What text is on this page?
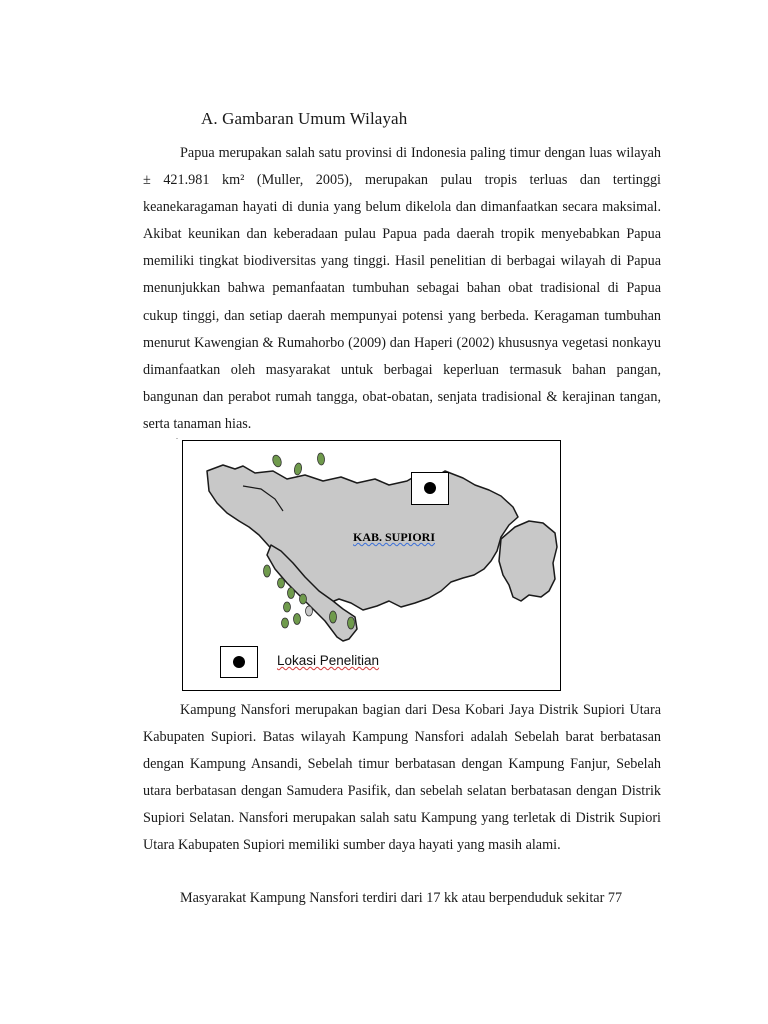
A. Gambaran Umum Wilayah

Papua merupakan salah satu provinsi di Indonesia paling timur dengan luas wilayah ± 421.981 km² (Muller, 2005), merupakan pulau tropis terluas dan tertinggi keanekaragaman hayati di dunia yang belum dikelola dan dimanfaatkan secara maksimal. Akibat keunikan dan keberadaan pulau Papua pada daerah tropik menyebabkan Papua memiliki tingkat biodiversitas yang tinggi. Hasil penelitian di berbagai wilayah di Papua menunjukkan bahwa pemanfaatan tumbuhan sebagai bahan obat tradisional di Papua cukup tinggi, dan setiap daerah mempunyai potensi yang berbeda. Keragaman tumbuhan menurut Kawengian & Rumahorbo (2009) dan Haperi (2002) khususnya vegetasi nonkayu dimanfaatkan oleh masyarakat untuk berbagai keperluan termasuk bahan pangan, bangunan dan perabot rumah tangga, obat-obatan, senjata tradisional & kerajinan tangan, serta tanaman hias.

.
KAB. SUPIORI
Lokasi Penelitian

Kampung Nansfori merupakan bagian dari Desa Kobari Jaya Distrik Supiori Utara Kabupaten Supiori. Batas wilayah Kampung Nansfori adalah Sebelah barat berbatasan dengan Kampung Ansandi, Sebelah timur berbatasan dengan Kampung Fanjur, Sebelah utara berbatasan dengan Samudera Pasifik, dan sebelah selatan berbatasan dengan Distrik Supiori Selatan. Nansfori merupakan salah satu Kampung yang terletak di Distrik Supiori Utara Kabupaten Supiori memiliki sumber daya hayati yang masih alami.

Masyarakat Kampung Nansfori terdiri dari 17 kk atau berpenduduk sekitar 77
